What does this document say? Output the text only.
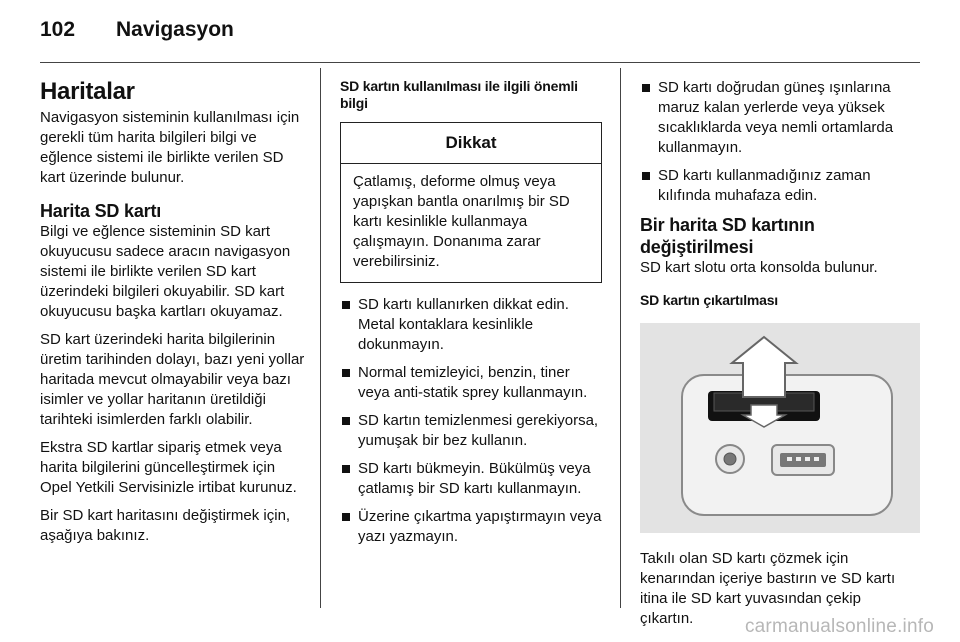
102 Navigasyon
Haritalar

Navigasyon sisteminin kullanılması için gerekli tüm harita bilgileri bilgi ve eğlence sistemi ile birlikte verilen SD kart üzerinde bulunur.

Harita SD kartı

Bilgi ve eğlence sisteminin SD kart okuyucusu sadece aracın navigasyon sistemi ile birlikte verilen SD kart üzerindeki bilgileri okuyabilir. SD kart okuyucusu başka kartları okuyamaz.

SD kart üzerindeki harita bilgilerinin üretim tarihinden dolayı, bazı yeni yollar haritada mevcut olmayabilir veya bazı isimler ve yollar haritanın üretildiği tarihteki isimlerden farklı olabilir.

Ekstra SD kartlar sipariş etmek veya harita bilgilerini güncelleştirmek için Opel Yetkili Servisinizle irtibat kurunuz.

Bir SD kart haritasını değiştirmek için, aşağıya bakınız.

SD kartın kullanılması ile ilgili önemli bilgi
Dikkat
Çatlamış, deforme olmuş veya yapışkan bantla onarılmış bir SD kartı kesinlikle kullanmaya çalışmayın. Donanıma zarar verebilirsiniz.
SD kartı kullanırken dikkat edin. Metal kontaklara kesinlikle dokunmayın.
Normal temizleyici, benzin, tiner veya anti-statik sprey kullanmayın.
SD kartın temizlenmesi gerekiyorsa, yumuşak bir bez kullanın.
SD kartı bükmeyin. Bükülmüş veya çatlamış bir SD kartı kullanmayın.
Üzerine çıkartma yapıştırmayın veya yazı yazmayın.
SD kartı doğrudan güneş ışınlarına maruz kalan yerlerde veya yüksek sıcaklıklarda veya nemli ortamlarda kullanmayın.
SD kartı kullanmadığınız zaman kılıfında muhafaza edin.
Bir harita SD kartının değiştirilmesi

SD kart slotu orta konsolda bulunur.

SD kartın çıkartılması

Takılı olan SD kartı çözmek için kenarından içeriye bastırın ve SD kartı itina ile SD kart yuvasından çekip çıkartın.	carmanualsonline.info
